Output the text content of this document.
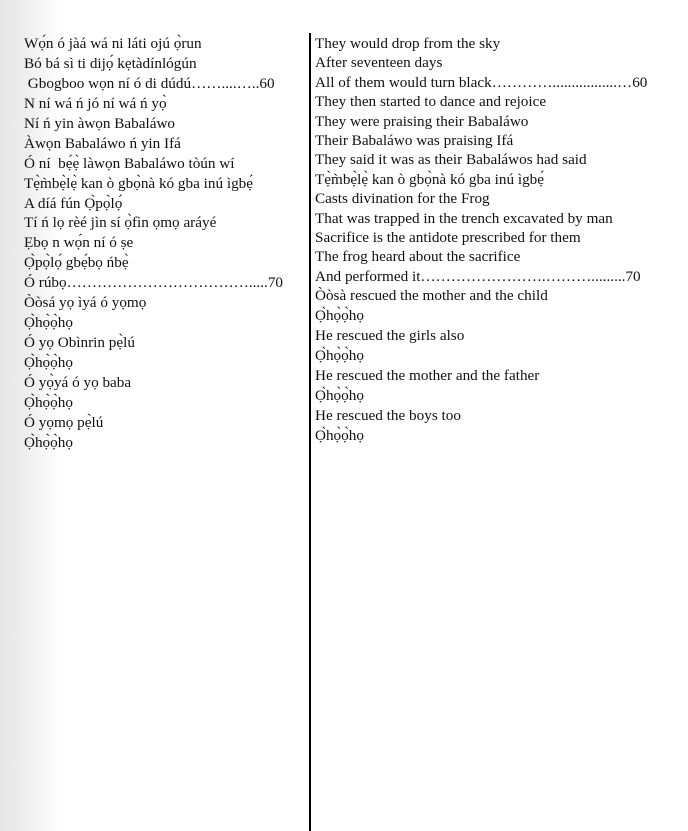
Wọ́n ó jàá wá ni láti ojú ọ̀run
Bó bá sì ti dijọ́ kẹtàdínlógún
Gbogboo wọn ní ó di dúdú……....…..60
N ní wá ń jó ní wá ń yọ̀
Ní ń yin àwọn Babaláwo
Àwọn Babaláwo ń yin Ifá
Ó ní  bẹ́ẹ̀ làwọn Babaláwo tòún wí
Tẹ̀m̀bẹ̀lẹ̀ kan ò gbọ̀nà kó gba inú ìgbẹ́
A díá fún Ọ̀pọ̀lọ́
Tí ń lọ rèé jìn sí ọ̀fìn ọmọ aráyé
Ẹbọ n wọ́n ní ó ṣe
Ọ̀pọ̀lọ́ gbẹ́bọ ńbẹ̀
Ó rúbọ……………………………….....70
Òòsá yọ ìyá ó yọmọ
Ọ̀họ̀ọ̀họ
Ó yọ Obìnrin pẹ̀lú
Ọ̀họ̀ọ̀họ
Ó yọ̀yá ó yọ baba
Ọ̀họ̀ọ̀họ
Ó yọmọ pẹ̀lú
Ọ̀họ̀ọ̀họ
They would drop from the sky
After seventeen days
All of them would turn black………….................…60
They then started to dance and rejoice
They were praising their Babaláwo
Their Babaláwo was praising Ifá
They said it was as their Babaláwos had said
Tẹ̀m̀bẹ̀lẹ̀ kan ò gbọ̀nà kó gba inú ìgbẹ́
Casts divination for the Frog
That was trapped in the trench excavated by man
Sacrifice is the antidote prescribed for them
The frog heard about the sacrifice
And performed it…………………….……….........70
Òòsà rescued the mother and the child
Ọ̀họ̀ọ̀họ
He rescued the girls also
Ọ̀họ̀ọ̀họ
He rescued the mother and the father
Ọ̀họ̀ọ̀họ
He rescued the boys too
Ọ̀họ̀ọ̀họ
